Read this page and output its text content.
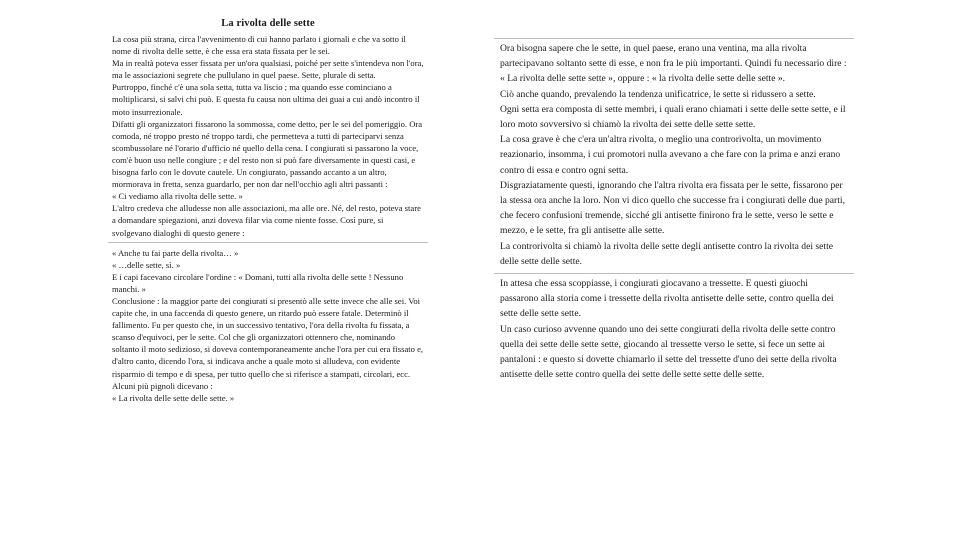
La rivolta delle sette

La cosa più strana, circa l'avvenimento di cui hanno parlato i giornali e che va sotto il nome di rivolta delle sette, è che essa era stata fissata per le sei.

Ma in realtà poteva esser fissata per un'ora qualsiasi, poiché per sette s'intendeva non l'ora, ma le associazioni segrete che pullulano in quel paese. Sette, plurale di setta.

Purtroppo, finché c'è una sola setta, tutta va liscio ; ma quando esse cominciano a moltiplicarsi, si salvi chi può. E questa fu causa non ultima dei guai a cui andò incontro il moto insurrezionale.

Difatti gli organizzatori fissarono la sommossa, come detto, per le sei del pomeriggio. Ora comoda, né troppo presto né troppo tardi, che permetteva a tutti di parteciparvi senza scombussolare né l'orario d'ufficio né quello della cena. I congiurati si passarono la voce, com'è buon uso nelle congiure ; e del resto non si può fare diversamente in questi casi, e bisogna farlo con le dovute cautele. Un congiurato, passando accanto a un altro, mormorava in fretta, senza guardarlo, per non dar nell'occhio agli altri passanti :

« Ci vediamo alla rivolta delle sette. »

L'altro credeva che alludesse non alle associazioni, ma alle ore. Né, del resto, poteva stare a domandare spiegazioni, anzi doveva filar via come niente fosse. Così pure, si svolgevano dialoghi di questo genere :

« Anche tu fai parte della rivolta… »

« …delle sette, sì. »

E i capi facevano circolare l'ordine : « Domani, tutti alla rivolta delle sette ! Nessuno manchi. »

Conclusione : la maggior parte dei congiurati si presentò alle sette invece che alle sei. Voi capite che, in una faccenda di questo genere, un ritardo può essere fatale. Determinò il fallimento. Fu per questo che, in un successivo tentativo, l'ora della rivolta fu fissata, a scanso d'equivoci, per le sette. Col che gli organizzatori ottennero che, nominando soltanto il moto sedizioso, si doveva contemporaneamente anche l'ora per cui era fissato e, d'altro canto, dicendo l'ora, si indicava anche a quale moto si alludeva, con evidente risparmio di tempo e di spesa, per tutto quello che si riferisce a stampati, circolari, ecc. Alcuni più pignoli dicevano :

« La rivolta delle sette delle sette. »

Ora bisogna sapere che le sette, in quel paese, erano una ventina, ma alla rivolta partecipavano soltanto sette di esse, e non fra le più importanti. Quindi fu necessario dire : « La rivolta delle sette sette », oppure : « la rivolta delle sette delle sette ».

Ciò anche quando, prevalendo la tendenza unificatrice, le sette si ridussero a sette.

Ogni setta era composta di sette membri, i quali erano chiamati i sette delle sette sette, e il loro moto sovversivo si chiamò la rivolta dei sette delle sette sette.

La cosa grave è che c'era un'altra rivolta, o meglio una controrivolta, un movimento reazionario, insomma, i cui promotori nulla avevano a che fare con la prima e anzi erano contro di essa e contro ogni setta.

Disgraziatamente questi, ignorando che l'altra rivolta era fissata per le sette, fissarono per la stessa ora anche la loro. Non vi dico quello che successe fra i congiurati delle due parti, che fecero confusioni tremende, sicché gli antisette finirono fra le sette, verso le sette e mezzo, e le sette, fra gli antisette alle sette.

La controrivolta si chiamò la rivolta delle sette degli antisette contro la rivolta dei sette delle sette delle sette.

In attesa che essa scoppiasse, i congiurati giocavano a tressette. E questi giuochi passarono alla storia come i tressette della rivolta antisette delle sette, contro quella dei sette delle sette sette.

Un caso curioso avvenne quando uno dei sette congiurati della rivolta delle sette contro quella dei sette delle sette sette, giocando al tressette verso le sette, si fece un sette ai pantaloni : e questo si dovette chiamarlo il sette del tressette d'uno dei sette della rivolta antisette delle sette contro quella dei sette delle sette sette delle sette.
